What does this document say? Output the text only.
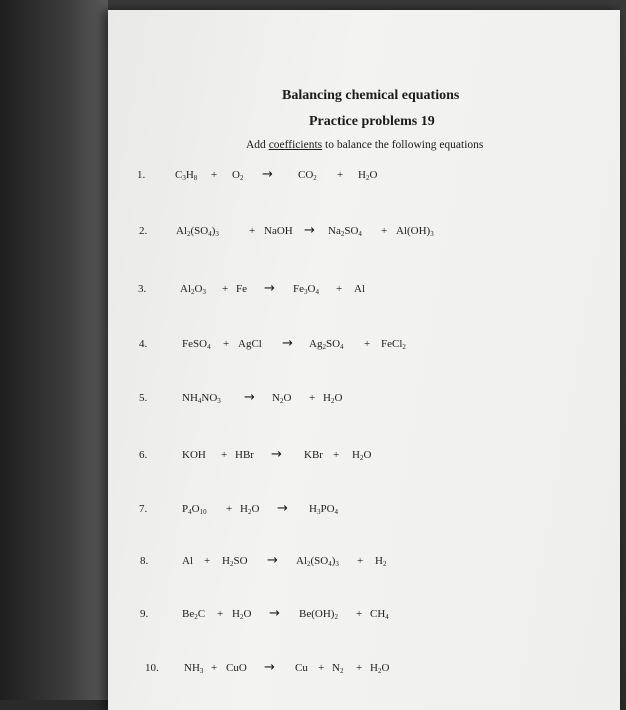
Balancing chemical equations
Practice problems 19
Add coefficients to balance the following equations
1.	$C_3H_8 + O_2 \to CO_2 + H_2O$
2.	$Al_2(SO_4)_3$	+ NaOH → $Na_2SO_4 + Al(OH)_3$
3.	$Al_2O_3 + Fe \to Fe_3O_4 + Al$
4.	FeSO$_4$ + AgCl → $Ag_2SO_4$ + FeCl$_2$
5.	$NH_4NO_3 \to N_2O + H_2O$
6.	KOH + HBr → KBr + $H_2O$
7.	$P_4O_{10} + H_2O \to H_3PO_4$
8.	$Al + H_2SO \to Al_2(SO_4)_3 + H_2$
9.	$Be_2C + H_2O \to Be(OH)_2 + CH_4$
10. $NH_3$ + CuO → $Cu + N_2 + H_2O$
